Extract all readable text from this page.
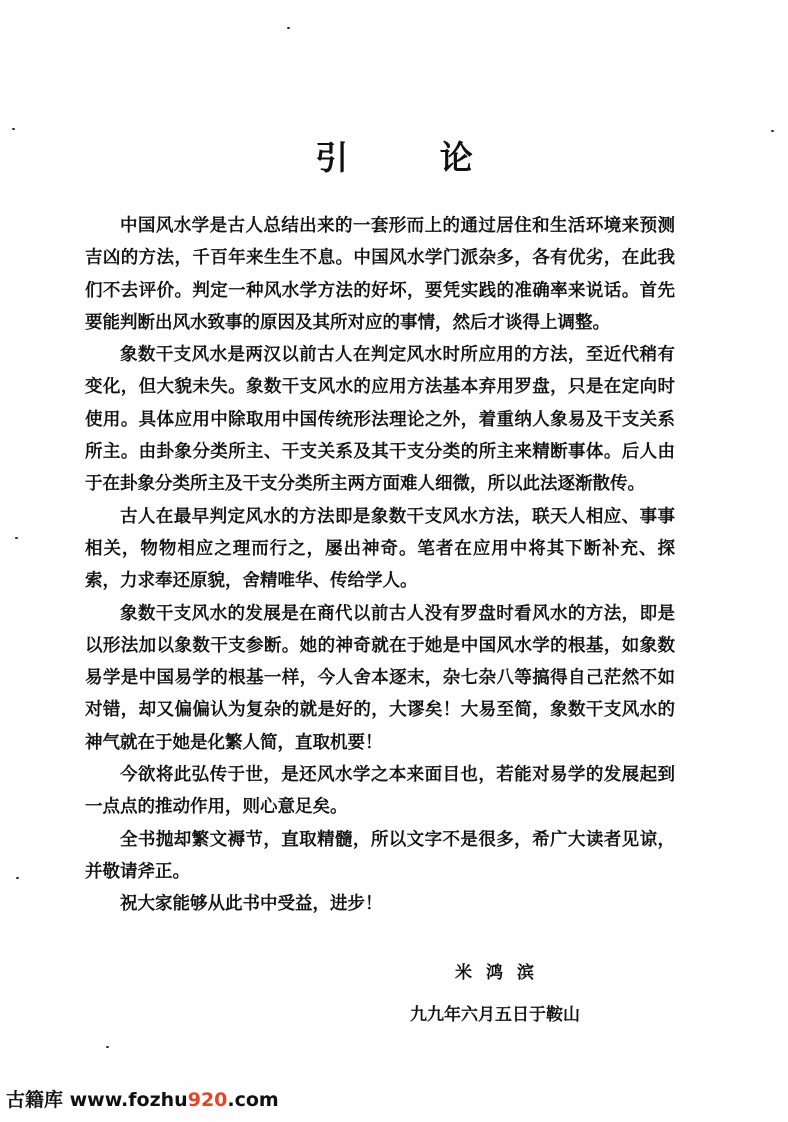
引 论

中国风水学是古人总结出来的一套形而上的通过居住和生活环境来预测吉凶的方法，千百年来生生不息。中国风水学门派杂多，各有优劣，在此我们不去评价。判定一种风水学方法的好坏，要凭实践的准确率来说话。首先要能判断出风水致事的原因及其所对应的事情，然后才谈得上调整。

象数干支风水是两汉以前古人在判定风水时所应用的方法，至近代稍有变化，但大貌未失。象数干支风水的应用方法基本弃用罗盘，只是在定向时使用。具体应用中除取用中国传统形法理论之外，着重纳人象易及干支关系所主。由卦象分类所主、干支关系及其干支分类的所主来精断事体。后人由于在卦象分类所主及干支分类所主两方面难人细微，所以此法逐渐散传。

古人在最早判定风水的方法即是象数干支风水方法，联天人相应、事事相关，物物相应之理而行之，屡出神奇。笔者在应用中将其下断补充、探索，力求奉还原貌，舍精唯华、传给学人。

象数干支风水的发展是在商代以前古人没有罗盘时看风水的方法，即是以形法加以象数干支参断。她的神奇就在于她是中国风水学的根基，如象数易学是中国易学的根基一样，今人舍本逐末，杂七杂八等搞得自己茫然不如对错，却又偏偏认为复杂的就是好的，大谬矣！大易至简，象数干支风水的神气就在于她是化繁人简，直取机要！

今欲将此弘传于世，是还风水学之本来面目也，若能对易学的发展起到一点点的推动作用，则心意足矣。

全书抛却繁文褥节，直取精髓，所以文字不是很多，希广大读者见谅，并敬请斧正。

祝大家能够从此书中受益，进步！

米鸿滨
九九年六月五日于鞍山
古籍库 www.fozhu920.com
